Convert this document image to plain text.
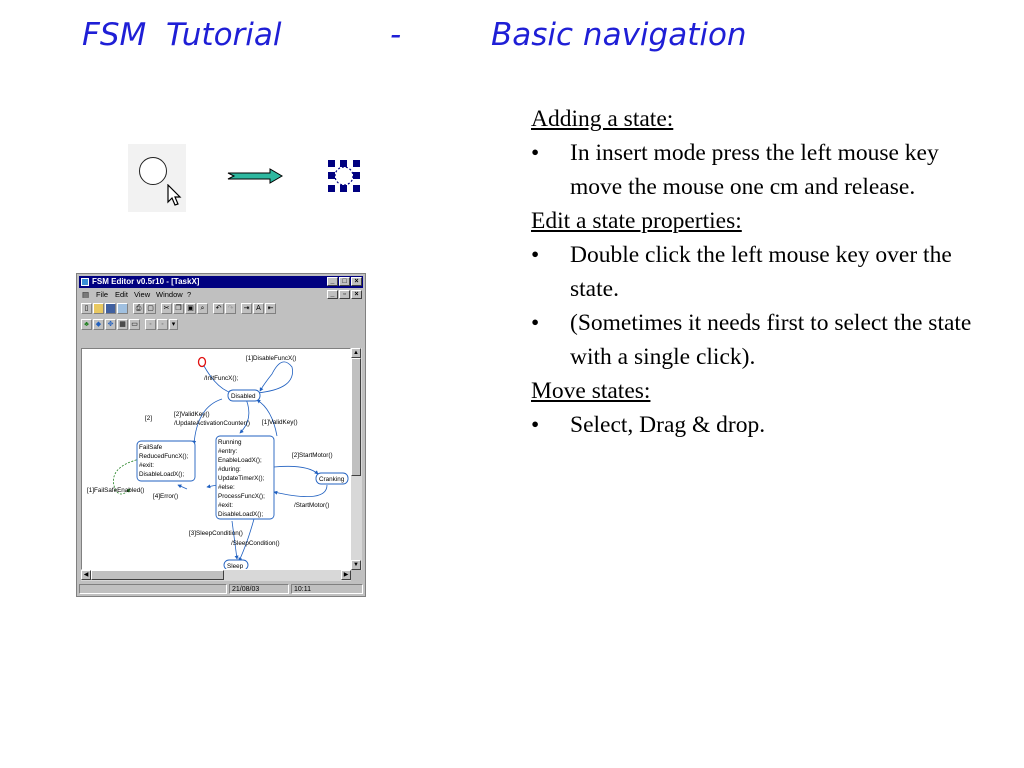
FSM  Tutorial

	-

	Basic navigation

FSM Editor v0.5r10 - [TaskX]	_	□	×
▤ File Edit View Window ?	_	▫	×
▯	⎙ ▢	✂ ❐ ▣ ⌕	↶ ↷	⇥ A ⇤
♣	◆ ✥ ▦ ▭	▪	▪	▾
Disabled
Running
#entry:
EnableLoadX();
#during:
UpdateTimerX();
#else:
ProcessFuncX();
#exit:
DisableLoadX();
FailSafe
ReducedFuncX();
#exit:
DisableLoadX();
Cranking
Sleep
[1]DisableFuncX()
/InitFuncX();
[2]
[2]ValidKey()
/UpdateActivationCounter() [1]ValidKey()
[2]StartMotor()
/StartMotor()
[1]FailSafeEnabled()
[4]Error()
[3]SleepCondition()
/SleepCondition()
▲
▼
◀	▶
21/08/03	10:11

Adding a state:

• In insert mode press the left mouse key move the mouse one cm and release.

Edit a state properties:

• Double click the left mouse key over the state.
• (Sometimes it needs first to select the state with a single click).

Move states:

• Select, Drag & drop.
